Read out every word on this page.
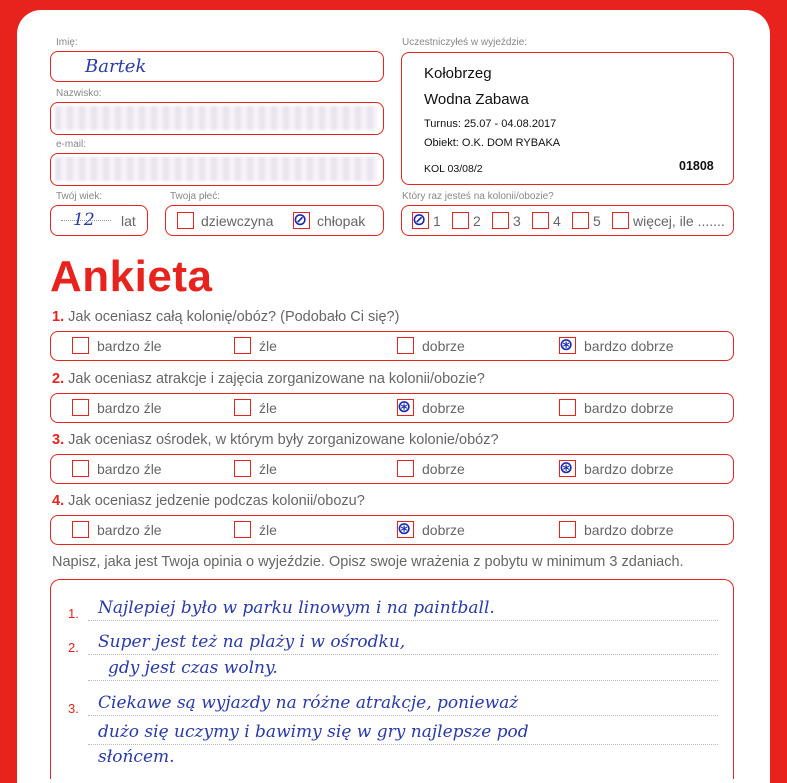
Imię:
Bartek
Nazwisko:
e-mail:
Twój wiek:
12 lat
Twoja płeć:
dziewczyna ⊘ chłopak
Uczestniczyłeś w wyjeździe:
Kołobrzeg
Wodna Zabawa
Turnus: 25.07 - 04.08.2017
Obiekt: O.K. DOM RYBAKA
KOL 03/08/2	01808
Który raz jesteś na kolonii/obozie?
⊘ 1 2 3 4 5 więcej, ile .......
Ankieta
1. Jak oceniasz całą kolonię/obóz? (Podobało Ci się?)
bardzo źle	źle	dobrze	⊛ bardzo dobrze
2. Jak oceniasz atrakcje i zajęcia zorganizowane na kolonii/obozie?
bardzo źle	źle	⊛ dobrze	bardzo dobrze
3. Jak oceniasz ośrodek, w którym były zorganizowane kolonie/obóz?
bardzo źle	źle	dobrze	⊛ bardzo dobrze
4. Jak oceniasz jedzenie podczas kolonii/obozu?
bardzo źle	źle	⊛ dobrze	bardzo dobrze
Napisz, jaka jest Twoja opinia o wyjeździe. Opisz swoje wrażenia z pobytu w minimum 3 zdaniach.
1.
2.
3.
Najlepiej było w parku linowym i na paintball.
Super jest też na plaży i w ośrodku,
gdy jest czas wolny.
Ciekawe są wyjazdy na różne atrakcje, ponieważ
dużo się uczymy i bawimy się w gry najlepsze pod
słońcem.
